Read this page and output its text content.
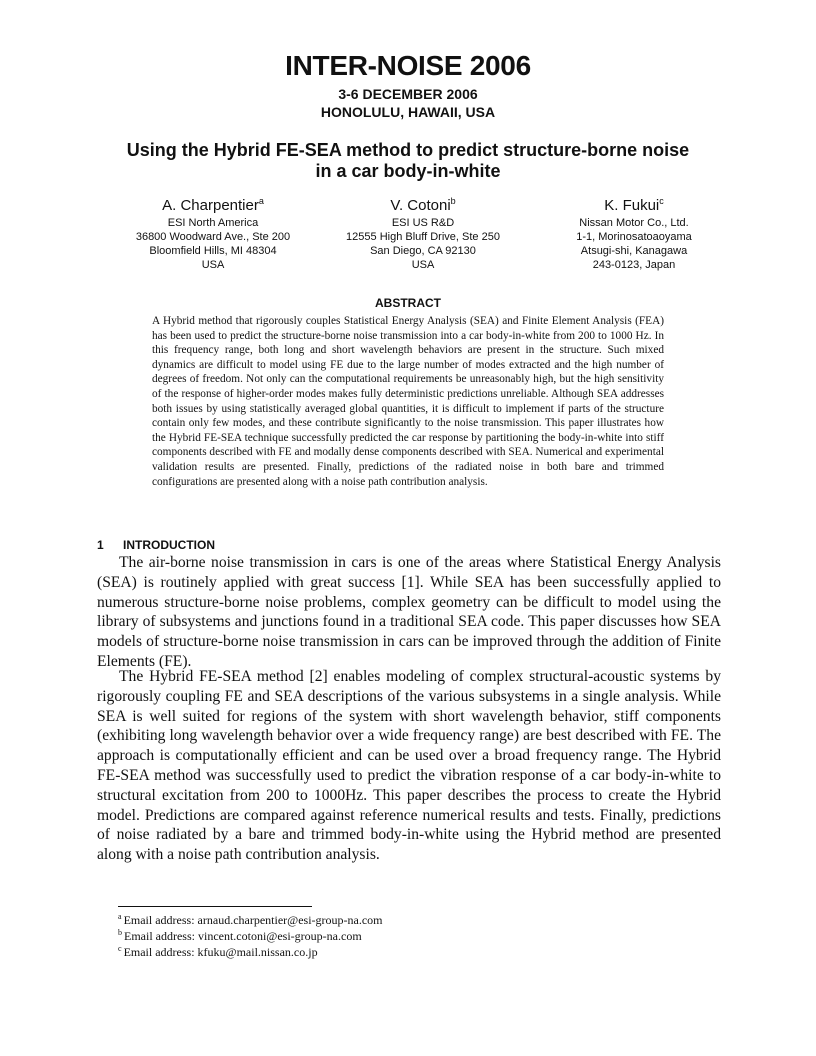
INTER-NOISE 2006
3-6 DECEMBER 2006
HONOLULU, HAWAII, USA
Using the Hybrid FE-SEA method to predict structure-borne noise
in a car body-in-white
A. Charpentier$^a$
ESI North America
36800 Woodward Ave., Ste 200
Bloomfield Hills, MI 48304
USA
V. Cotoni$^b$
ESI US R&D
12555 High Bluff Drive, Ste 250
San Diego, CA 92130
USA
K. Fukui$^c$
Nissan Motor Co., Ltd.
1-1, Morinosatoaoyama
Atsugi-shi, Kanagawa
243-0123, Japan
ABSTRACT
A Hybrid method that rigorously couples Statistical Energy Analysis (SEA) and Finite Element Analysis (FEA) has been used to predict the structure-borne noise transmission into a car body-in-white from 200 to 1000 Hz. In this frequency range, both long and short wavelength behaviors are present in the structure. Such mixed dynamics are difficult to model using FE due to the large number of modes extracted and the high number of degrees of freedom. Not only can the computational requirements be unreasonably high, but the high sensitivity of the response of higher-order modes makes fully deterministic predictions unreliable. Although SEA addresses both issues by using statistically averaged global quantities, it is difficult to implement if parts of the structure contain only few modes, and these contribute significantly to the noise transmission. This paper illustrates how the Hybrid FE-SEA technique successfully predicted the car response by partitioning the body-in-white into stiff components described with FE and modally dense components described with SEA. Numerical and experimental validation results are presented. Finally, predictions of the radiated noise in both bare and trimmed configurations are presented along with a noise path contribution analysis.
1 INTRODUCTION

The air-borne noise transmission in cars is one of the areas where Statistical Energy Analysis (SEA) is routinely applied with great success [1]. While SEA has been successfully applied to numerous structure-borne noise problems, complex geometry can be difficult to model using the library of subsystems and junctions found in a traditional SEA code. This paper discusses how SEA models of structure-borne noise transmission in cars can be improved through the addition of Finite Elements (FE).

The Hybrid FE-SEA method [2] enables modeling of complex structural-acoustic systems by rigorously coupling FE and SEA descriptions of the various subsystems in a single analysis. While SEA is well suited for regions of the system with short wavelength behavior, stiff components (exhibiting long wavelength behavior over a wide frequency range) are best described with FE. The approach is computationally efficient and can be used over a broad frequency range. The Hybrid FE-SEA method was successfully used to predict the vibration response of a car body-in-white to structural excitation from 200 to 1000Hz. This paper describes the process to create the Hybrid model. Predictions are compared against reference numerical results and tests. Finally, predictions of noise radiated by a bare and trimmed body-in-white using the Hybrid method are presented along with a noise path contribution analysis.

$^a$ Email address: arnaud.charpentier@esi-group-na.com
$^b$ Email address: vincent.cotoni@esi-group-na.com
$^c$ Email address: kfuku@mail.nissan.co.jp
